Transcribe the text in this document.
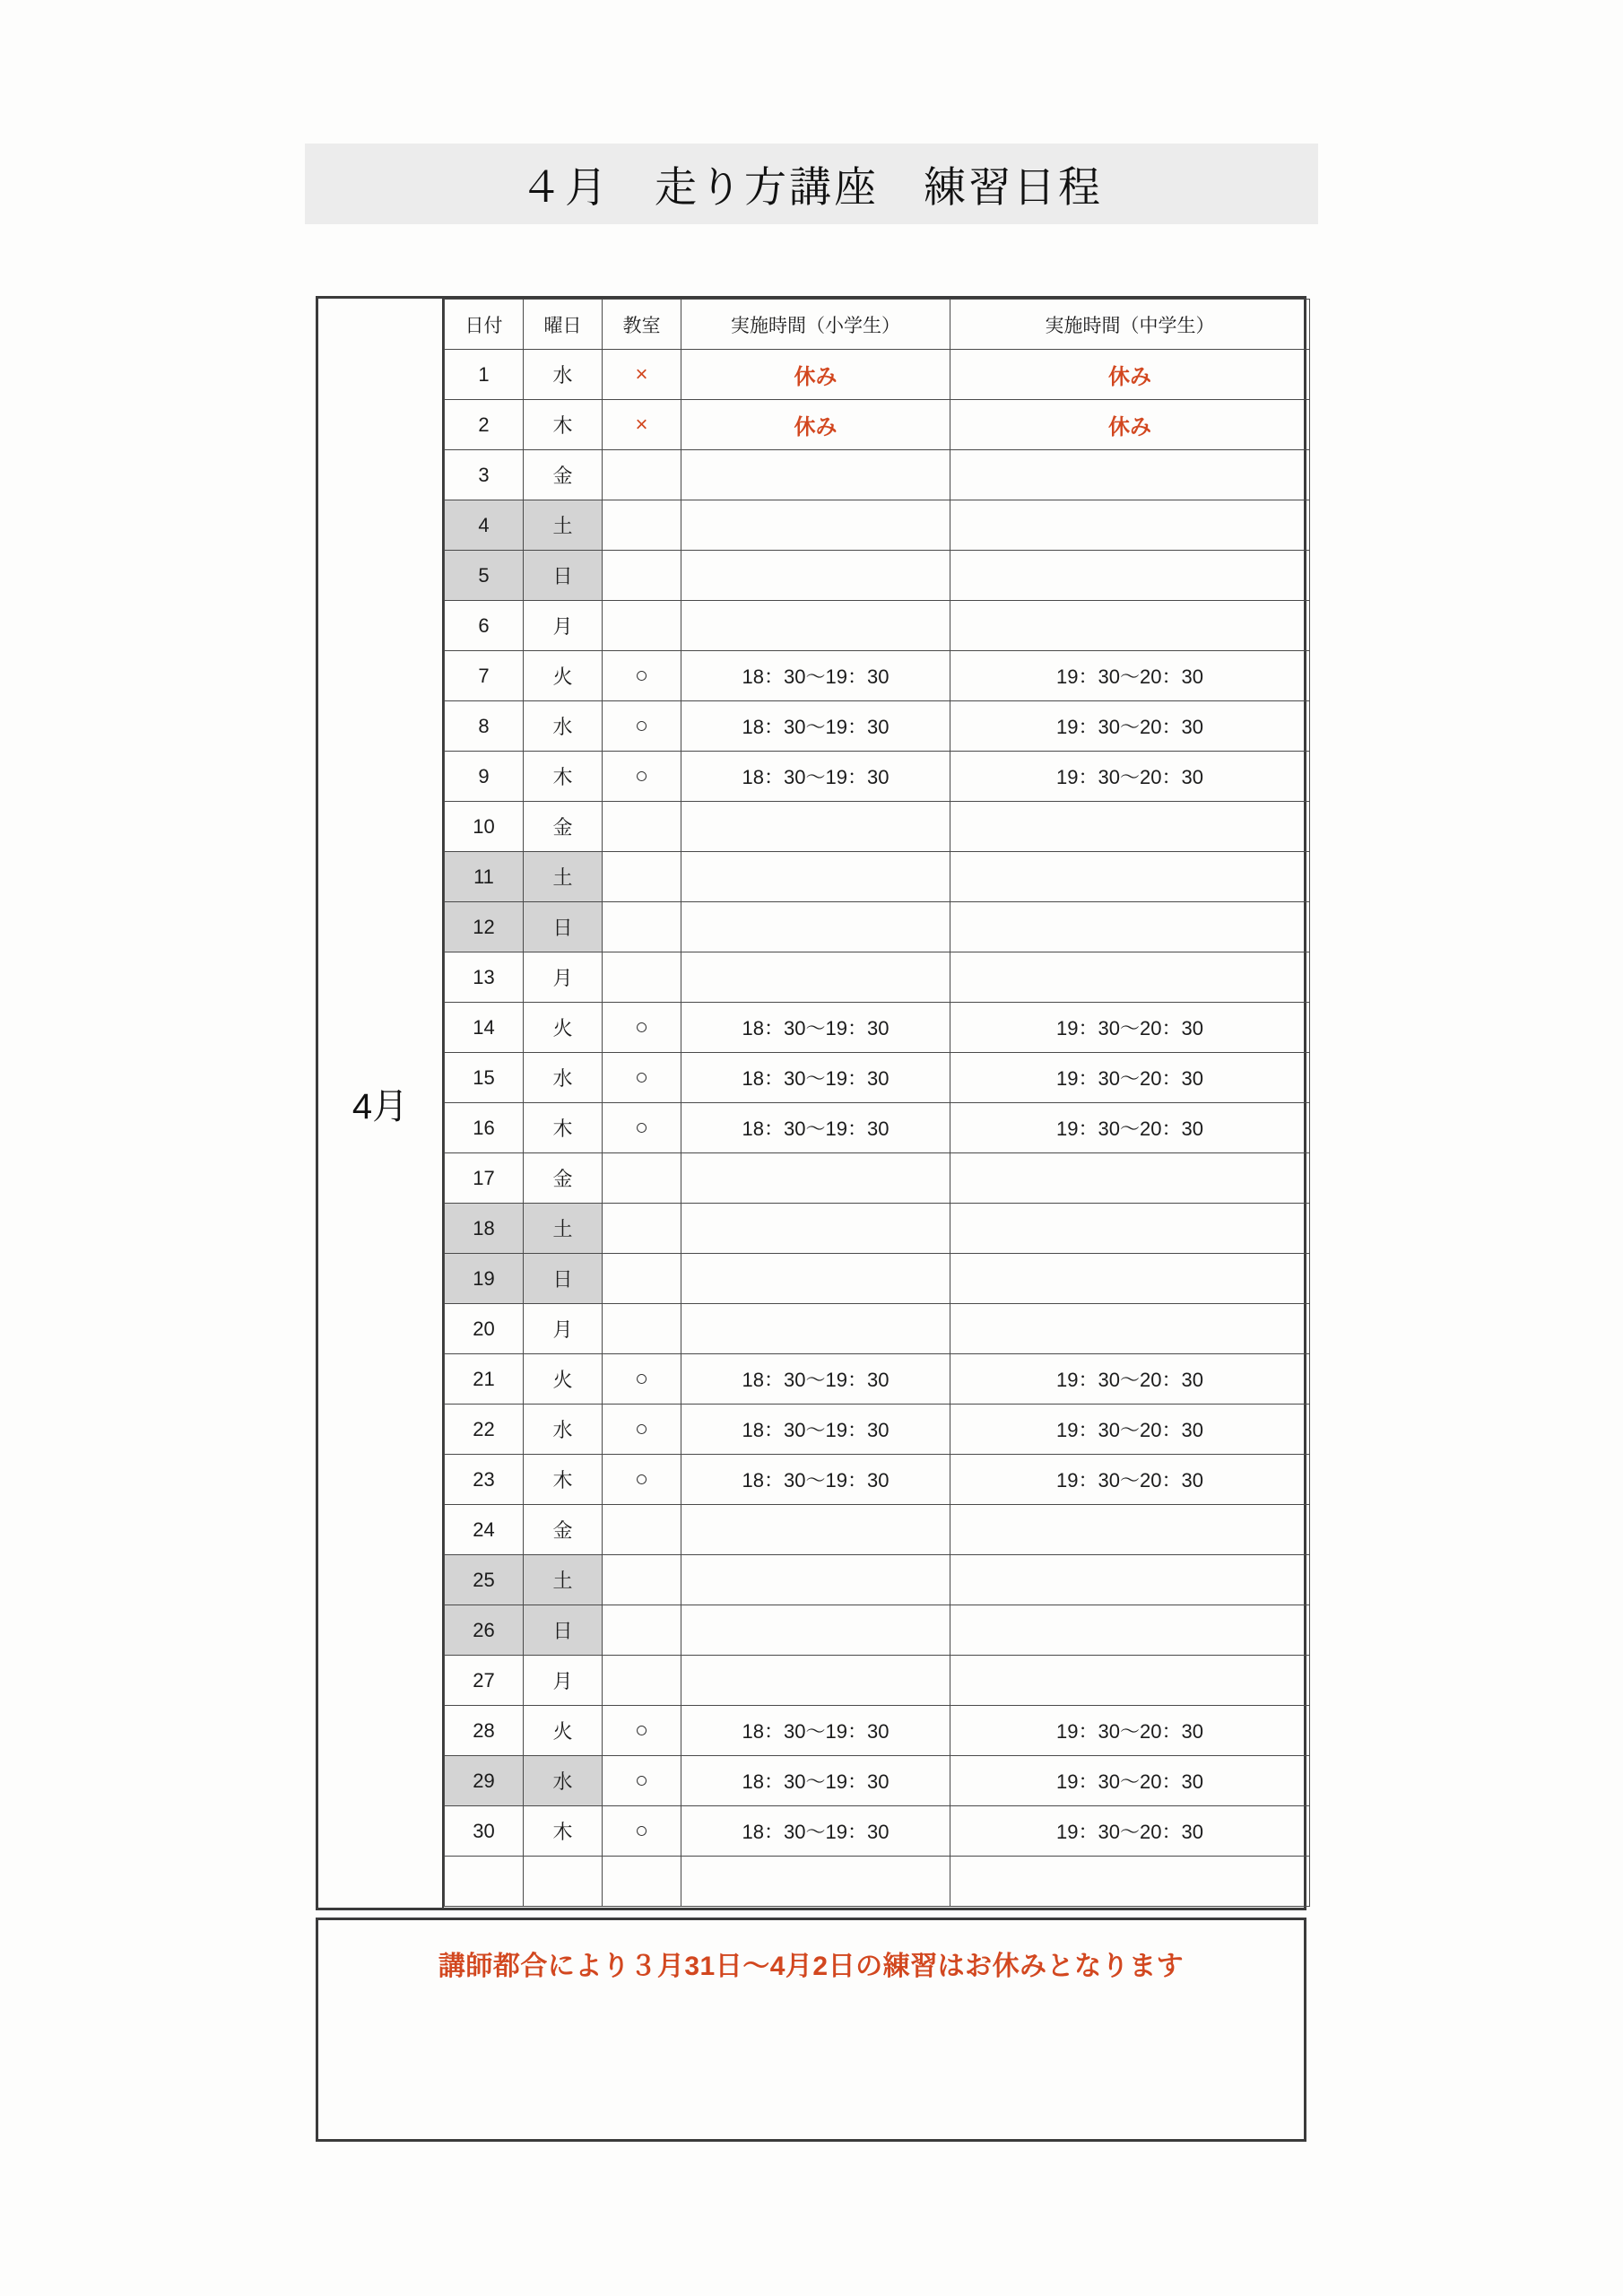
４月　走り方講座　練習日程
4月
日付	曜日	教室	実施時間（小学生）	実施時間（中学生）
1	水	×	休み	休み
2	木	×	休み	休み
3	金			
4	土			
5	日			
6	月			
7	火	○	18：30〜19：30	19：30〜20：30
8	水	○	18：30〜19：30	19：30〜20：30
9	木	○	18：30〜19：30	19：30〜20：30
10	金			
11	土			
12	日			
13	月			
14	火	○	18：30〜19：30	19：30〜20：30
15	水	○	18：30〜19：30	19：30〜20：30
16	木	○	18：30〜19：30	19：30〜20：30
17	金			
18	土			
19	日			
20	月			
21	火	○	18：30〜19：30	19：30〜20：30
22	水	○	18：30〜19：30	19：30〜20：30
23	木	○	18：30〜19：30	19：30〜20：30
24	金			
25	土			
26	日			
27	月			
28	火	○	18：30〜19：30	19：30〜20：30
29	水	○	18：30〜19：30	19：30〜20：30
30	木	○	18：30〜19：30	19：30〜20：30

講師都合により３月31日〜4月2日の練習はお休みとなります
